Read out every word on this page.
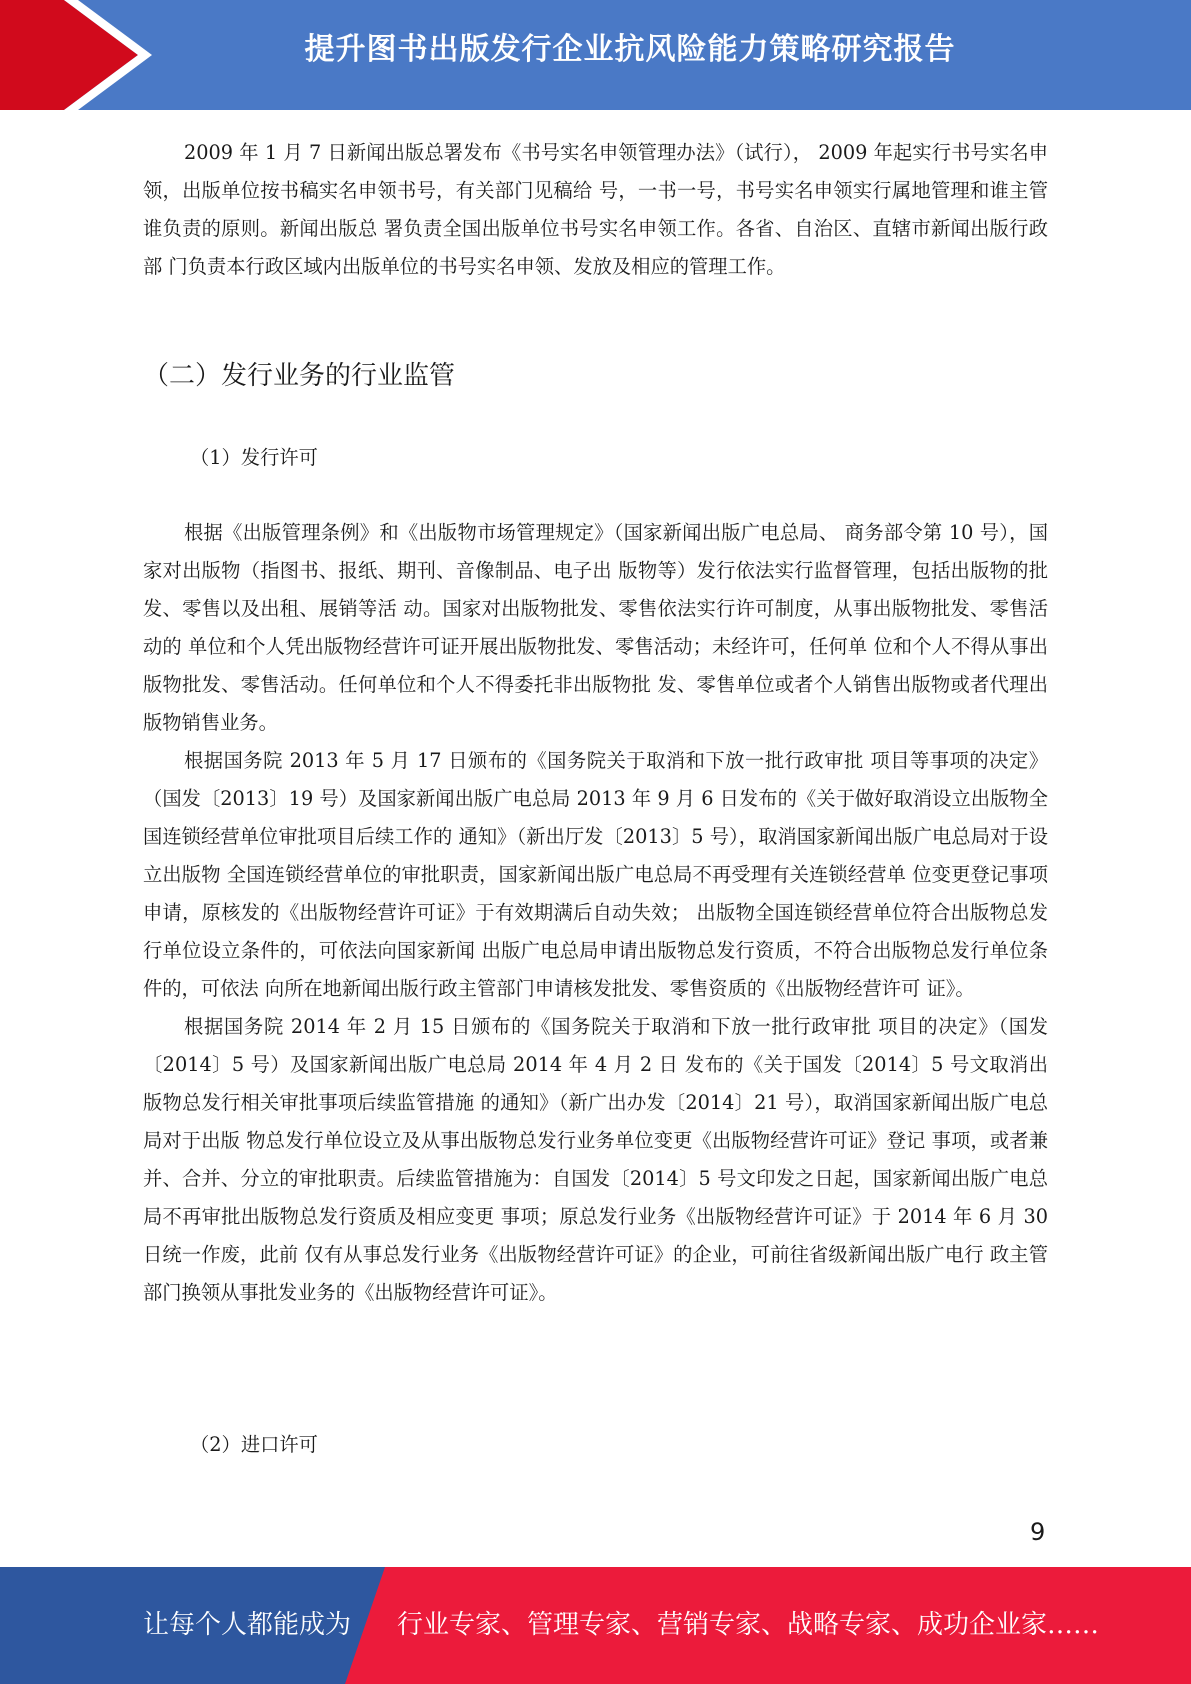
提升图书出版发行企业抗风险能力策略研究报告

2009 年 1 月 7 日新闻出版总署发布《书号实名申领管理办法》（试行）， 2009 年起实行书号实名申领，出版单位按书稿实名申领书号，有关部门见稿给 号，一书一号，书号实名申领实行属地管理和谁主管谁负责的原则。新闻出版总 署负责全国出版单位书号实名申领工作。各省、自治区、直辖市新闻出版行政部 门负责本行政区域内出版单位的书号实名申领、发放及相应的管理工作。

（二）发行业务的行业监管
（1）发行许可

根据《出版管理条例》和《出版物市场管理规定》（国家新闻出版广电总局、 商务部令第 10 号），国家对出版物（指图书、报纸、期刊、音像制品、电子出 版物等）发行依法实行监督管理，包括出版物的批发、零售以及出租、展销等活 动。国家对出版物批发、零售依法实行许可制度，从事出版物批发、零售活动的 单位和个人凭出版物经营许可证开展出版物批发、零售活动；未经许可，任何单 位和个人不得从事出版物批发、零售活动。任何单位和个人不得委托非出版物批 发、零售单位或者个人销售出版物或者代理出版物销售业务。

根据国务院 2013 年 5 月 17 日颁布的《国务院关于取消和下放一批行政审批 项目等事项的决定》（国发〔2013〕19 号）及国家新闻出版广电总局 2013 年 9 月 6 日发布的《关于做好取消设立出版物全国连锁经营单位审批项目后续工作的 通知》（新出厅发〔2013〕5 号），取消国家新闻出版广电总局对于设立出版物 全国连锁经营单位的审批职责，国家新闻出版广电总局不再受理有关连锁经营单 位变更登记事项申请，原核发的《出版物经营许可证》于有效期满后自动失效； 出版物全国连锁经营单位符合出版物总发行单位设立条件的，可依法向国家新闻 出版广电总局申请出版物总发行资质，不符合出版物总发行单位条件的，可依法 向所在地新闻出版行政主管部门申请核发批发、零售资质的《出版物经营许可 证》。

根据国务院 2014 年 2 月 15 日颁布的《国务院关于取消和下放一批行政审批 项目的决定》（国发〔2014〕5 号）及国家新闻出版广电总局 2014 年 4 月 2 日 发布的《关于国发〔2014〕5 号文取消出版物总发行相关审批事项后续监管措施 的通知》（新广出办发〔2014〕21 号），取消国家新闻出版广电总局对于出版 物总发行单位设立及从事出版物总发行业务单位变更《出版物经营许可证》登记 事项，或者兼并、合并、分立的审批职责。后续监管措施为：自国发〔2014〕5 号文印发之日起，国家新闻出版广电总局不再审批出版物总发行资质及相应变更 事项；原总发行业务《出版物经营许可证》于 2014 年 6 月 30 日统一作废，此前 仅有从事总发行业务《出版物经营许可证》的企业，可前往省级新闻出版广电行 政主管部门换领从事批发业务的《出版物经营许可证》。

（2）进口许可
9
让每个人都能成为 行业专家、管理专家、营销专家、战略专家、成功企业家……
